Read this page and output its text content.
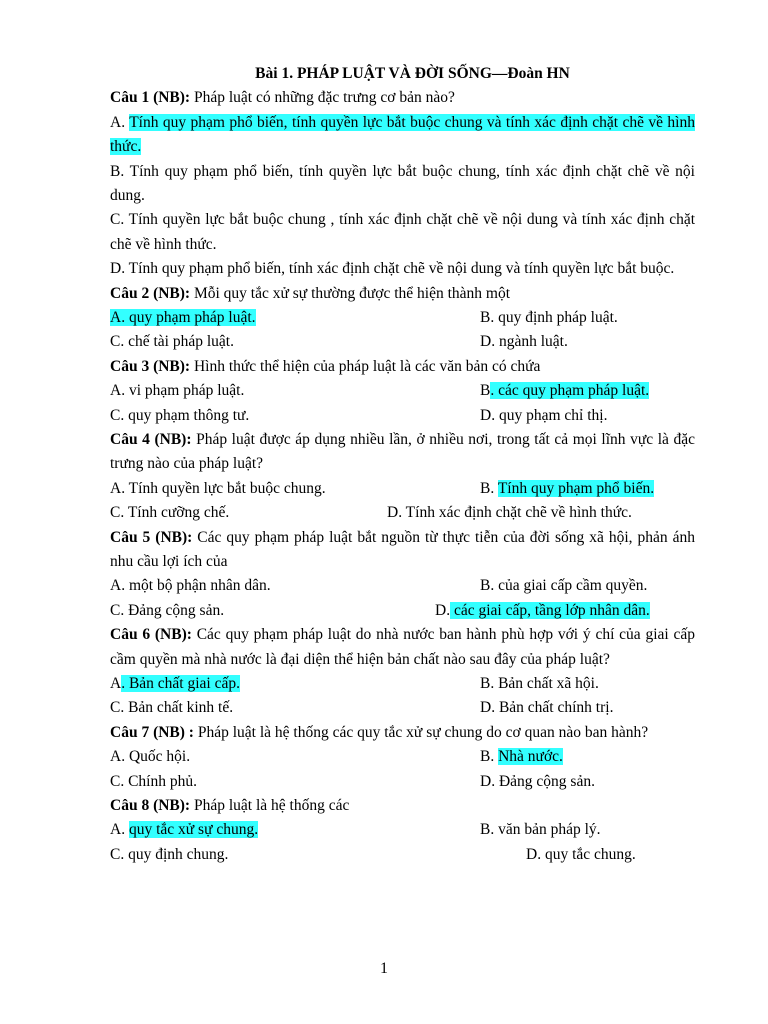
Bài 1. PHÁP LUẬT VÀ ĐỜI SỐNG—Đoàn HN
Câu 1 (NB): Pháp luật có những đặc trưng cơ bản nào?
A. Tính quy phạm phổ biến, tính quyền lực bắt buộc chung và tính xác định chặt chẽ về hình thức.
B. Tính quy phạm phổ biến, tính quyền lực bắt buộc chung, tính xác định chặt chẽ về nội dung.
C. Tính quyền lực bắt buộc chung , tính xác định chặt chẽ về nội dung và tính xác định chặt chẽ về hình thức.
D. Tính quy phạm phổ biến, tính xác định chặt chẽ về nội dung và tính quyền lực bắt buộc.
Câu 2 (NB): Mỗi quy tắc xử sự thường được thể hiện thành một
A. quy phạm pháp luật.	B. quy định pháp luật.
C. chế tài pháp luật.	D. ngành luật.
Câu 3 (NB): Hình thức thể hiện của pháp luật là các văn bản có chứa
A. vi phạm pháp luật.	B. các quy phạm pháp luật.
C. quy phạm thông tư.	D. quy phạm chỉ thị.
Câu 4 (NB): Pháp luật được áp dụng nhiều lần, ở nhiều nơi, trong tất cả mọi lĩnh vực là đặc trưng nào của pháp luật?
A. Tính quyền lực bắt buộc chung.	B. Tính quy phạm phổ biến.
C. Tính cưỡng chế.	D. Tính xác định chặt chẽ về hình thức.
Câu 5 (NB): Các quy phạm pháp luật bắt nguồn từ thực tiễn của đời sống xã hội, phản ánh nhu cầu lợi ích của
A. một bộ phận nhân dân.	B. của giai cấp cầm quyền.
C. Đảng cộng sản.	D. các giai cấp, tầng lớp nhân dân.
Câu 6 (NB): Các quy phạm pháp luật do nhà nước ban hành phù hợp với ý chí của giai cấp cầm quyền mà nhà nước là đại diện thể hiện bản chất nào sau đây của pháp luật?
A. Bản chất giai cấp.	B. Bản chất xã hội.
C. Bản chất kinh tế.	D. Bản chất chính trị.
Câu 7 (NB) : Pháp luật là hệ thống các quy tắc xử sự chung do cơ quan nào ban hành?
A. Quốc hội.	B. Nhà nước.
C. Chính phủ.	D. Đảng cộng sản.
Câu 8 (NB): Pháp luật là hệ thống các
A. quy tắc xử sự chung.	B. văn bản pháp lý.
C. quy định chung.	D. quy tắc chung.
1
